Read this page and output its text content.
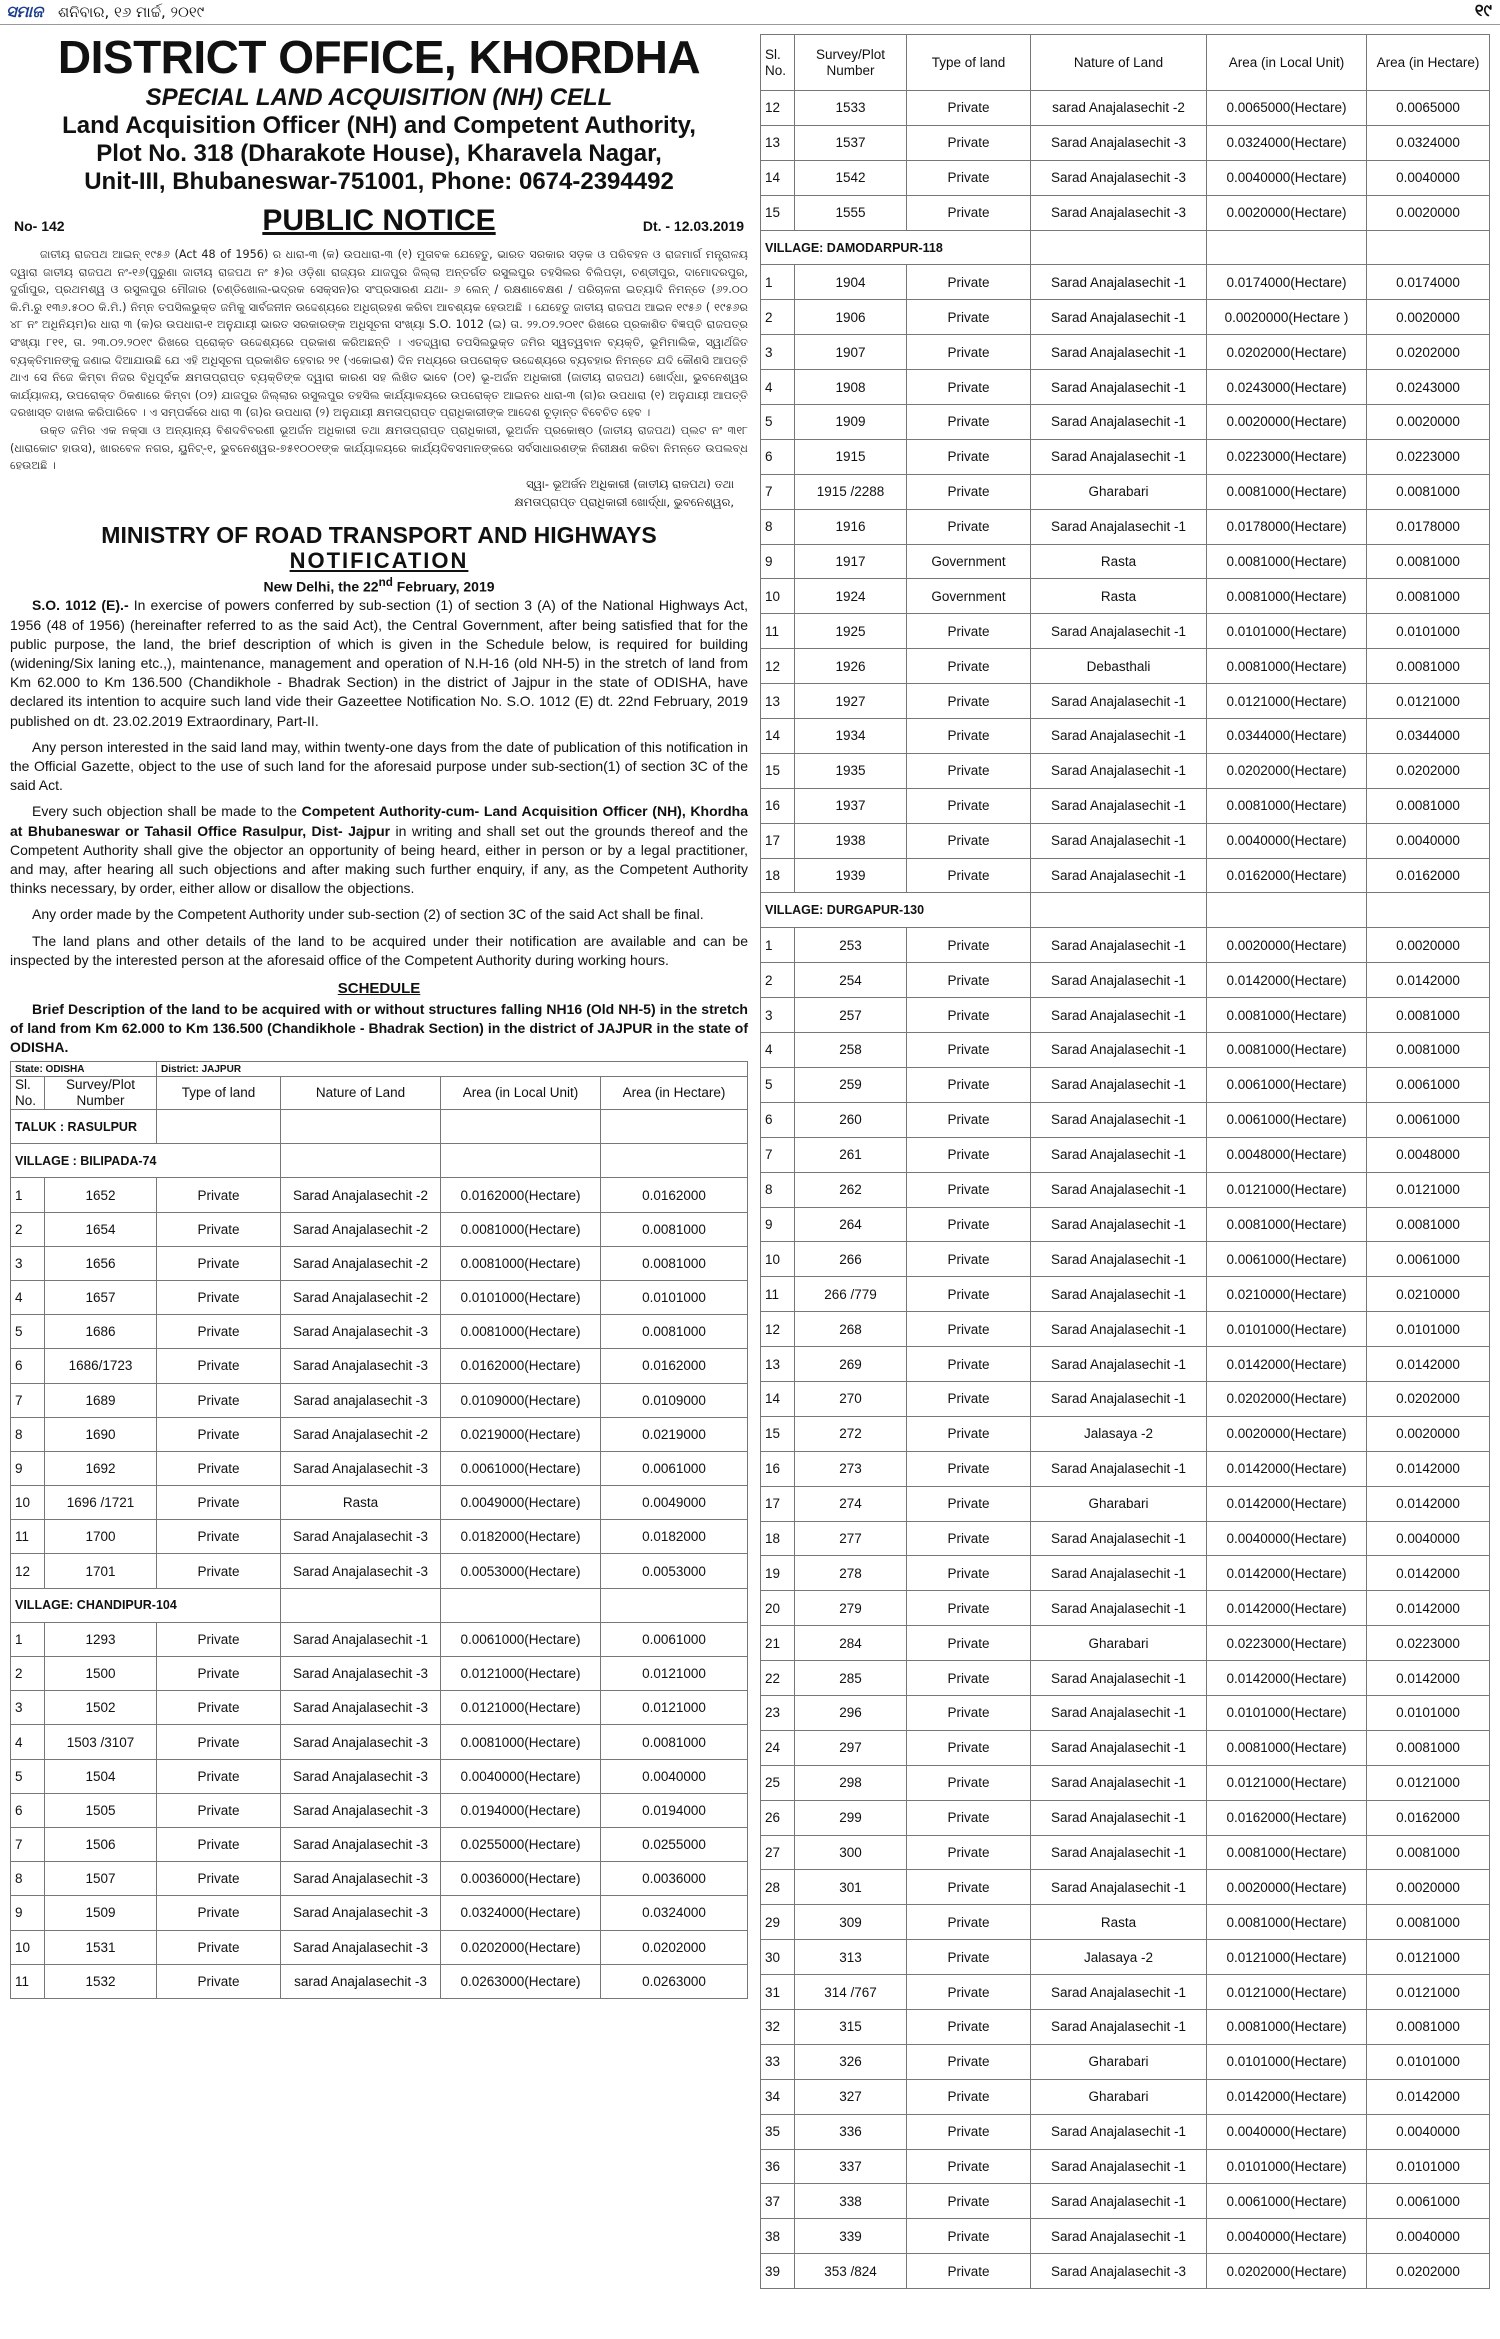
ସମାଜ ଶନିବାର, ୧୬ ମାର୍ଚ୍ଚ, ୨୦୧୯	୧୯
DISTRICT OFFICE, KHORDHA
SPECIAL LAND ACQUISITION (NH) CELL
Land Acquisition Officer (NH) and Competent Authority,
Plot No. 318 (Dharakote House), Kharavela Nagar,
Unit-III, Bhubaneswar-751001, Phone: 0674-2394492
No- 142	PUBLIC NOTICE	Dt. - 12.03.2019
ଜାତୀୟ ରାଜପଥ ଆଇନ୍ ୧୯୫୬ (Act 48 of 1956) ର ଧାରା-୩ (କ) ଉପଧାରା-୩ (୧) ମୁତାବକ ଯେହେତୁ, ଭାରତ ସରକାର ସଡ଼କ ଓ ପରିବହନ ଓ ରାଜମାର୍ଗ ମନ୍ତ୍ରାଳୟ ଦ୍ୱାରା ଜାତୀୟ ରାଜପଥ ନଂ-୧୬(ପୁରୁଣା ଜାତୀୟ ରାଜପଥ ନଂ ୫)ର ଓଡ଼ିଶା ରାଜ୍ୟର ଯାଜପୁର ଜିଲ୍ଲା ଅନ୍ତର୍ଗତ ରସୁଲପୁର ତହସିଲର ବିଲିପଡ଼ା, ଚଣ୍ଡୀପୁର, ଦାମୋଦରପୁର, ଦୁର୍ଗାପୁର, ପ୍ରଥମଶ୍ୱ ଓ ରସୁଲପୁର ମୌଜାର (ଚଣ୍ଡିଖୋଲ-ଭଦ୍ରକ ସେକ୍ସନ)ର ସଂପ୍ରସାରଣ ଯଥା- ୬ ଲେନ୍ / ରକ୍ଷଣାବେକ୍ଷଣ / ପରିଚାଳନା ଇତ୍ୟାଦି ନିମନ୍ତେ (୬୨.୦୦ କି.ମି.ରୁ ୧୩୬.୫୦୦ କି.ମି.) ନିମ୍ନ ତପସିଲଭୁକ୍ତ ଜମିକୁ ସାର୍ବଜନୀନ ଉଦ୍ଦେଶ୍ୟରେ ଅଧିଗ୍ରହଣ କରିବା ଆବଶ୍ୟକ ହେଉଅଛି । ଯେହେତୁ ଜାତୀୟ ରାଜପଥ ଆଇନ ୧୯୫୬ ( ୧୯୫୬ର ୪୮ ନଂ ଅଧିନିୟମ)ର ଧାରା ୩ (କ)ର ଉପଧାରା-୧ ଅନୁଯାୟୀ ଭାରତ ସରକାରଙ୍କ ଅଧିସୂଚନା ସଂଖ୍ୟା S.O. 1012 (ଇ) ତା. ୨୨.୦୨.୨୦୧୯ ରିଖରେ ପ୍ରକାଶିତ ବିଜ୍ଞପ୍ତି ରାଜପତ୍ର ସଂଖ୍ୟା ୮୧୧, ତା. ୨୩.୦୨.୨୦୧୯ ରିଖରେ ପ୍ରୋକ୍ତ ଉଦ୍ଦେଶ୍ୟରେ ପ୍ରକାଶ କରିଅଛନ୍ତି । ଏତଦ୍ଦ୍ୱାରା ତପସିଲଭୁକ୍ତ ଜମିର ସ୍ୱତ୍ୱବାନ ବ୍ୟକ୍ତି, ଭୂମିମାଲିକ, ସ୍ୱାର୍ଥଜିତ ବ୍ୟକ୍ତିମାନଙ୍କୁ ଜଣାଇ ଦିଆଯାଉଛି ଯେ ଏହି ଅଧିସୂଚନା ପ୍ରକାଶିତ ହେବାର ୨୧ (ଏକୋଇଶ) ଦିନ ମଧ୍ୟରେ ଉପରୋକ୍ତ ଉଦ୍ଦେଶ୍ୟରେ ବ୍ୟବହାର ନିମନ୍ତେ ଯଦି କୌଣସି ଆପତ୍ତି ଥାଏ ସେ ନିଜେ କିମ୍ବା ନିଜର ବିଧିପୂର୍ବକ କ୍ଷମତାପ୍ରାପ୍ତ ବ୍ୟକ୍ତିଙ୍କ ଦ୍ୱାରା କାରଣ ସହ ଲିଖିତ ଭାବେ (୦୧) ଭୂ-ଅର୍ଜନ ଅଧିକାରୀ (ଜାତୀୟ ରାଜପଥ) ଖୋର୍ଦ୍ଧା, ଭୁବନେଶ୍ୱର କାର୍ଯ୍ୟାଳୟ, ଉପରୋକ୍ତ ଠିକଣାରେ କିମ୍ବା (୦୨) ଯାଜପୁର ଜିଲ୍ଲାର ରସୁଲପୁର ତହସିଲ କାର୍ଯ୍ୟାଳୟରେ ଉପରୋକ୍ତ ଆଇନର ଧାରା-୩ (ଗ)ର ଉପଧାରା (୧) ଅନୁଯାୟୀ ଆପତ୍ତି ଦରଖାସ୍ତ ଦାଖଲ କରିପାରିବେ । ଏ ସମ୍ପର୍କରେ ଧାରା ୩ (ଗ)ର ଉପଧାରା (୨) ଅନୁଯାୟୀ କ୍ଷମତାପ୍ରାପ୍ତ ପ୍ରାଧିକାରୀଙ୍କ ଆଦେଶ ଚୂଡ଼ାନ୍ତ ବିବେଚିତ ହେବ ।
ଉକ୍ତ ଜମିର ଏକ ନକ୍ସା ଓ ଅନ୍ୟାନ୍ୟ ବିଶଦବିବରଣୀ ଭୂଅର୍ଜନ ଅଧିକାରୀ ତଥା କ୍ଷମତାପ୍ରାପ୍ତ ପ୍ରାଧିକାରୀ, ଭୂଅର୍ଜନ ପ୍ରକୋଷ୍ଠ (ଜାତୀୟ ରାଜପଥ) ପ୍ଲଟ ନଂ ୩୧୮ (ଧାରାକୋଟ ହାଉସ), ଖାରବେଳ ନଗର, ୟୁନିଟ୍-୧, ଭୁବନେଶ୍ୱର-୭୫୧୦୦୧ଙ୍କ କାର୍ଯ୍ୟାଳୟରେ କାର୍ଯ୍ୟଦିବସମାନଙ୍କରେ ସର୍ବସାଧାରଣଙ୍କ ନିରୀକ୍ଷଣ କରିବା ନିମନ୍ତେ ଉପଲବ୍ଧ ହେଉଅଛି ।
ସ୍ୱା- ଭୂଅର୍ଜନ ଅଧିକାରୀ (ଜାତୀୟ ରାଜପଥ) ତଥା
କ୍ଷମତାପ୍ରାପ୍ତ ପ୍ରାଧିକାରୀ ଖୋର୍ଦ୍ଧା, ଭୁବନେଶ୍ୱର,
MINISTRY OF ROAD TRANSPORT AND HIGHWAYS
NOTIFICATION
New Delhi, the 22nd February, 2019

S.O. 1012 (E).- In exercise of powers conferred by sub-section (1) of section 3 (A) of the National Highways Act, 1956 (48 of 1956) (hereinafter referred to as the said Act), the Central Government, after being satisfied that for the public purpose, the land, the brief description of which is given in the Schedule below, is required for building (widening/Six laning etc.,), maintenance, management and operation of N.H-16 (old NH-5) in the stretch of land from Km 62.000 to Km 136.500 (Chandikhole - Bhadrak Section) in the district of Jajpur in the state of ODISHA, have declared its intention to acquire such land vide their Gazeettee Notification No. S.O. 1012 (E) dt. 22nd February, 2019 published on dt. 23.02.2019 Extraordinary, Part-II.

Any person interested in the said land may, within twenty-one days from the date of publication of this notification in the Official Gazette, object to the use of such land for the aforesaid purpose under sub-section(1) of section 3C of the said Act.

Every such objection shall be made to the Competent Authority-cum- Land Acquisition Officer (NH), Khordha at Bhubaneswar or Tahasil Office Rasulpur, Dist- Jajpur in writing and shall set out the grounds thereof and the Competent Authority shall give the objector an opportunity of being heard, either in person or by a legal practitioner, and may, after hearing all such objections and after making such further enquiry, if any, as the Competent Authority thinks necessary, by order, either allow or disallow the objections.

Any order made by the Competent Authority under sub-section (2) of section 3C of the said Act shall be final.

The land plans and other details of the land to be acquired under their notification are available and can be inspected by the interested person at the aforesaid office of the Competent Authority during working hours.

SCHEDULE
Brief Description of the land to be acquired with or without structures falling NH16 (Old NH-5) in the stretch of land from Km 62.000 to Km 136.500 (Chandikhole - Bhadrak Section) in the district of JAJPUR in the state of ODISHA.
State: ODISHA		District: JAJPUR			
Sl. No.	Survey/Plot Number	Type of land	Nature of Land	Area (in Local Unit)	Area (in Hectare)
TALUK : RASULPUR					
VILLAGE : BILIPADA-74					
1	1652	Private	Sarad Anajalasechit -2	0.0162000(Hectare)	0.0162000
2	1654	Private	Sarad Anajalasechit -2	0.0081000(Hectare)	0.0081000
3	1656	Private	Sarad Anajalasechit -2	0.0081000(Hectare)	0.0081000
4	1657	Private	Sarad Anajalasechit -2	0.0101000(Hectare)	0.0101000
5	1686	Private	Sarad Anajalasechit -3	0.0081000(Hectare)	0.0081000
6	1686/1723	Private	Sarad Anajalasechit -3	0.0162000(Hectare)	0.0162000
7	1689	Private	Sarad anajalasechit -3	0.0109000(Hectare)	0.0109000
8	1690	Private	Sarad Anajalasechit -2	0.0219000(Hectare)	0.0219000
9	1692	Private	Sarad Anajalasechit -3	0.0061000(Hectare)	0.0061000
10	1696 /1721	Private	Rasta	0.0049000(Hectare)	0.0049000
11	1700	Private	Sarad Anajalasechit -3	0.0182000(Hectare)	0.0182000
12	1701	Private	Sarad Anajalasechit -3	0.0053000(Hectare)	0.0053000
VILLAGE: CHANDIPUR-104					
1	1293	Private	Sarad Anajalasechit -1	0.0061000(Hectare)	0.0061000
2	1500	Private	Sarad Anajalasechit -3	0.0121000(Hectare)	0.0121000
3	1502	Private	Sarad Anajalasechit -3	0.0121000(Hectare)	0.0121000
4	1503 /3107	Private	Sarad Anajalasechit -3	0.0081000(Hectare)	0.0081000
5	1504	Private	Sarad Anajalasechit -3	0.0040000(Hectare)	0.0040000
6	1505	Private	Sarad Anajalasechit -3	0.0194000(Hectare)	0.0194000
7	1506	Private	Sarad Anajalasechit -3	0.0255000(Hectare)	0.0255000
8	1507	Private	Sarad Anajalasechit -3	0.0036000(Hectare)	0.0036000
9	1509	Private	Sarad Anajalasechit -3	0.0324000(Hectare)	0.0324000
10	1531	Private	Sarad Anajalasechit -3	0.0202000(Hectare)	0.0202000
11	1532	Private	sarad Anajalasechit -3	0.0263000(Hectare)	0.0263000
Sl. No.	Survey/Plot Number	Type of land	Nature of Land	Area (in Local Unit)	Area (in Hectare)
12	1533	Private	sarad Anajalasechit -2	0.0065000(Hectare)	0.0065000
13	1537	Private	Sarad Anajalasechit -3	0.0324000(Hectare)	0.0324000
14	1542	Private	Sarad Anajalasechit -3	0.0040000(Hectare)	0.0040000
15	1555	Private	Sarad Anajalasechit -3	0.0020000(Hectare)	0.0020000
VILLAGE: DAMODARPUR-118					
1	1904	Private	Sarad Anajalasechit -1	0.0174000(Hectare)	0.0174000
2	1906	Private	Sarad Anajalasechit -1	0.0020000(Hectare )	0.0020000
3	1907	Private	Sarad Anajalasechit -1	0.0202000(Hectare)	0.0202000
4	1908	Private	Sarad Anajalasechit -1	0.0243000(Hectare)	0.0243000
5	1909	Private	Sarad Anajalasechit -1	0.0020000(Hectare)	0.0020000
6	1915	Private	Sarad Anajalasechit -1	0.0223000(Hectare)	0.0223000
7	1915 /2288	Private	Gharabari	0.0081000(Hectare)	0.0081000
8	1916	Private	Sarad Anajalasechit -1	0.0178000(Hectare)	0.0178000
9	1917	Government	Rasta	0.0081000(Hectare)	0.0081000
10	1924	Government	Rasta	0.0081000(Hectare)	0.0081000
11	1925	Private	Sarad Anajalasechit -1	0.0101000(Hectare)	0.0101000
12	1926	Private	Debasthali	0.0081000(Hectare)	0.0081000
13	1927	Private	Sarad Anajalasechit -1	0.0121000(Hectare)	0.0121000
14	1934	Private	Sarad Anajalasechit -1	0.0344000(Hectare)	0.0344000
15	1935	Private	Sarad Anajalasechit -1	0.0202000(Hectare)	0.0202000
16	1937	Private	Sarad Anajalasechit -1	0.0081000(Hectare)	0.0081000
17	1938	Private	Sarad Anajalasechit -1	0.0040000(Hectare)	0.0040000
18	1939	Private	Sarad Anajalasechit -1	0.0162000(Hectare)	0.0162000
VILLAGE: DURGAPUR-130					
1	253	Private	Sarad Anajalasechit -1	0.0020000(Hectare)	0.0020000
2	254	Private	Sarad Anajalasechit -1	0.0142000(Hectare)	0.0142000
3	257	Private	Sarad Anajalasechit -1	0.0081000(Hectare)	0.0081000
4	258	Private	Sarad Anajalasechit -1	0.0081000(Hectare)	0.0081000
5	259	Private	Sarad Anajalasechit -1	0.0061000(Hectare)	0.0061000
6	260	Private	Sarad Anajalasechit -1	0.0061000(Hectare)	0.0061000
7	261	Private	Sarad Anajalasechit -1	0.0048000(Hectare)	0.0048000
8	262	Private	Sarad Anajalasechit -1	0.0121000(Hectare)	0.0121000
9	264	Private	Sarad Anajalasechit -1	0.0081000(Hectare)	0.0081000
10	266	Private	Sarad Anajalasechit -1	0.0061000(Hectare)	0.0061000
11	266 /779	Private	Sarad Anajalasechit -1	0.0210000(Hectare)	0.0210000
12	268	Private	Sarad Anajalasechit -1	0.0101000(Hectare)	0.0101000
13	269	Private	Sarad Anajalasechit -1	0.0142000(Hectare)	0.0142000
14	270	Private	Sarad Anajalasechit -1	0.0202000(Hectare)	0.0202000
15	272	Private	Jalasaya -2	0.0020000(Hectare)	0.0020000
16	273	Private	Sarad Anajalasechit -1	0.0142000(Hectare)	0.0142000
17	274	Private	Gharabari	0.0142000(Hectare)	0.0142000
18	277	Private	Sarad Anajalasechit -1	0.0040000(Hectare)	0.0040000
19	278	Private	Sarad Anajalasechit -1	0.0142000(Hectare)	0.0142000
20	279	Private	Sarad Anajalasechit -1	0.0142000(Hectare)	0.0142000
21	284	Private	Gharabari	0.0223000(Hectare)	0.0223000
22	285	Private	Sarad Anajalasechit -1	0.0142000(Hectare)	0.0142000
23	296	Private	Sarad Anajalasechit -1	0.0101000(Hectare)	0.0101000
24	297	Private	Sarad Anajalasechit -1	0.0081000(Hectare)	0.0081000
25	298	Private	Sarad Anajalasechit -1	0.0121000(Hectare)	0.0121000
26	299	Private	Sarad Anajalasechit -1	0.0162000(Hectare)	0.0162000
27	300	Private	Sarad Anajalasechit -1	0.0081000(Hectare)	0.0081000
28	301	Private	Sarad Anajalasechit -1	0.0020000(Hectare)	0.0020000
29	309	Private	Rasta	0.0081000(Hectare)	0.0081000
30	313	Private	Jalasaya -2	0.0121000(Hectare)	0.0121000
31	314 /767	Private	Sarad Anajalasechit -1	0.0121000(Hectare)	0.0121000
32	315	Private	Sarad Anajalasechit -1	0.0081000(Hectare)	0.0081000
33	326	Private	Gharabari	0.0101000(Hectare)	0.0101000
34	327	Private	Gharabari	0.0142000(Hectare)	0.0142000
35	336	Private	Sarad Anajalasechit -1	0.0040000(Hectare)	0.0040000
36	337	Private	Sarad Anajalasechit -1	0.0101000(Hectare)	0.0101000
37	338	Private	Sarad Anajalasechit -1	0.0061000(Hectare)	0.0061000
38	339	Private	Sarad Anajalasechit -1	0.0040000(Hectare)	0.0040000
39	353 /824	Private	Sarad Anajalasechit -3	0.0202000(Hectare)	0.0202000
